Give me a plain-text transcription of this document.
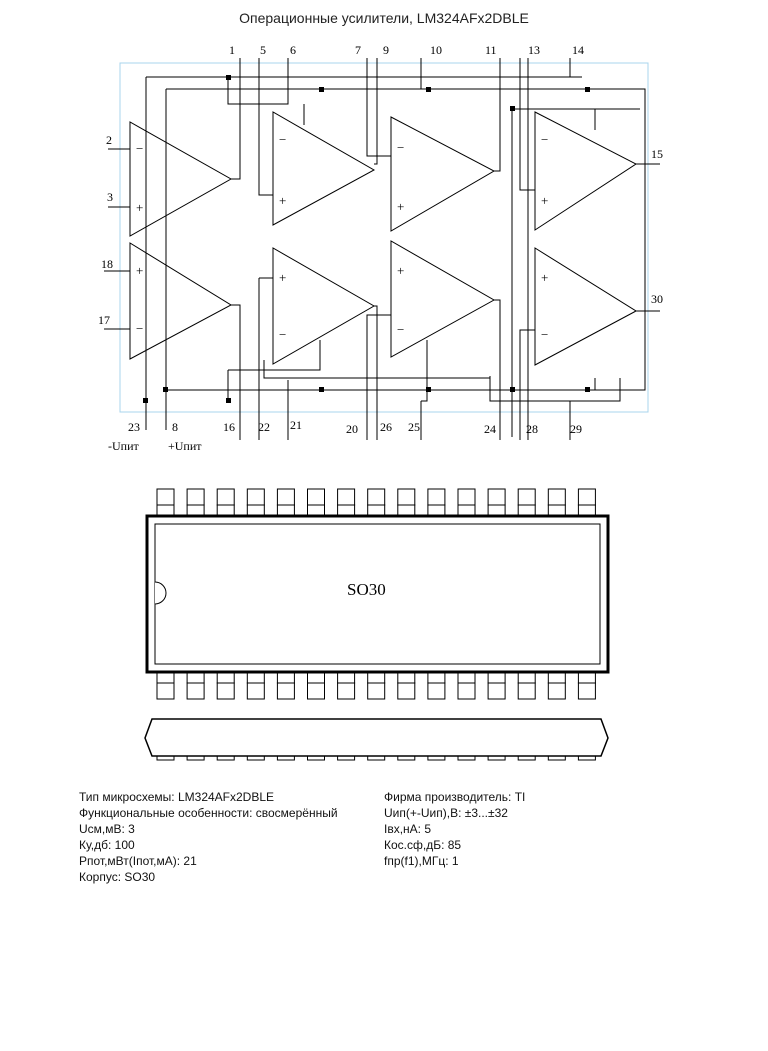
Операционные усилители, LM324AFx2DBLE
−
+
+
−
−
+
+
−
−
+
+
−
−
+
+
−
1 5 6	7 9	10	11	13	14
2
3
18
17
15
30
23	8	16 22 21	20 26 25	24	28	29
-Uпит +Uпит
SO30
Тип микросхемы: LM324AFx2DBLE
Функциональные особенности: свосмерённый
Uсм,мВ: 3
Ку,дб: 100
Pпот,мВт(Iпот,мА): 21
Корпус: SO30
Фирма производитель: TI
Uип(+-Uип),В: ±3...±32
Iвх,нА: 5
Кос.сф,дБ: 85
fпр(f1),МГц: 1
